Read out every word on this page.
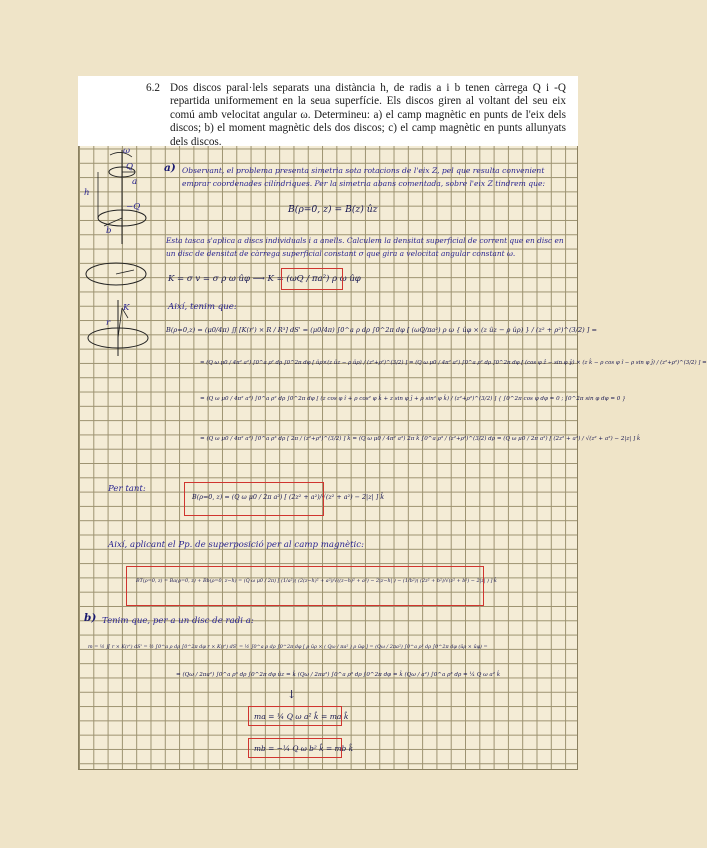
6.2 Dos discos paral·lels separats una distància h, de radis a i b tenen càrrega Q i -Q repartida uniformement en la seua superfície. Els discos giren al voltant del seu eix comú amb velocitat angular ω. Determineu: a) el camp magnètic en punts de l'eix dels discos; b) el moment magnètic dels dos discos; c) el camp magnètic en punts allunyats dels discos.
ω
Q
−Q
h
a
b
K
r
a) Observant, el problema presenta simetria sota rotacions de l'eix Z, pel que resulta convenient emprar coordenades cilíndriques. Per la simetria abans comentada, sobre l'eix Z tindrem que:
B(ρ=0, z) = B(z) ûz
Esta tasca s'aplica a discs individuals i a anells. Calculem la densitat superficial de corrent que en disc en un disc de densitat de càrrega superficial constant σ que gira a velocitat angular constant ω.
K = σ v = σ ρ ω ûφ ⟶ K = (ωQ / πa²) ρ ω ûφ
Així, tenim que:
B(ρ=0,z) = (μ0/4π) ∬ [K(r') × R / R³] dS' = (μ0/4π) ∫0^a ρ dρ ∫0^2π dφ [ (ωQ/πa²) ρ ω { ûφ × (z ûz − ρ ûρ) } / (z² + ρ²)^(3/2) ] =
= (Q ω μ0 / 4π² a²) ∫0^a ρ² dρ ∫0^2π dφ [ ûρ×(z ûz − ρ ûρ) / (z²+ρ²)^(3/2) ] = (Q ω μ0 / 4π² a²) ∫0^a ρ² dρ ∫0^2π dφ [ (cos φ ẑ − sin φ ŷ) × (z k̂ − ρ cos φ î − ρ sin φ ĵ) / (z²+ρ²)^(3/2) ] =
= (Q ω μ0 / 4π² a²) ∫0^a ρ² dρ ∫0^2π dφ [ (z cos φ î + ρ cos² φ k̂ + z sin φ ĵ + ρ sin² φ k̂) / (z²+ρ²)^(3/2) ] { ∫0^2π cos φ dφ = 0 ; ∫0^2π sin φ dφ = 0 }
= (Q ω μ0 / 4π² a²) ∫0^a ρ³ dρ [ 2π / (z²+ρ²)^(3/2) ] k̂ = (Q ω μ0 / 4π² a²) 2π k̂ ∫0^a ρ³ / (z²+ρ²)^(3/2) dρ = (Q ω μ0 / 2π a²) [ (2z² + a²) / √(z² + a²) − 2|z| ] k̂
Per tant:
B(ρ=0, z) = (Q ω μ0 / 2π a²) [ (2z² + a²)/√(z² + a²) − 2|z| ] k̂
Així, aplicant el Pp. de superposició per al camp magnètic:
BT(ρ=0, z) = Ba(ρ=0, z) + Bb(ρ=0, z−h) = (Q ω μ0 / 2π) [ (1/a²)( (2(z−h)² + a²)/√((z−h)² + a²) − 2|z−h| ) − (1/b²)( (2z² + b²)/√(z² + b²) − 2|z| ) ] k̂
b) Tenim que, per a un disc de radi a:
m = ½ ∬ r × K(r') dS' = ½ ∫0^a ρ dρ ∫0^2π dφ r × K(r') dS' = ½ ∫0^a ρ dρ ∫0^2π dφ [ ρ ûρ × ( Qω / πa² ) ρ ûφ ] = (Qω / 2πa²) ∫0^a ρ³ dρ ∫0^2π dφ (ûρ × ûφ) =
= (Qω / 2πa²) ∫0^a ρ³ dρ ∫0^2π dφ ûz = k̂ (Qω / 2πa²) ∫0^a ρ³ dρ ∫0^2π dφ = k̂ (Qω / a²) ∫0^a ρ³ dρ = ¼ Q ω a² k̂
↓
ma = ¼ Q ω a² k̂ = ma k̂
mb = −¼ Q ω b² k̂ = mb k̂
